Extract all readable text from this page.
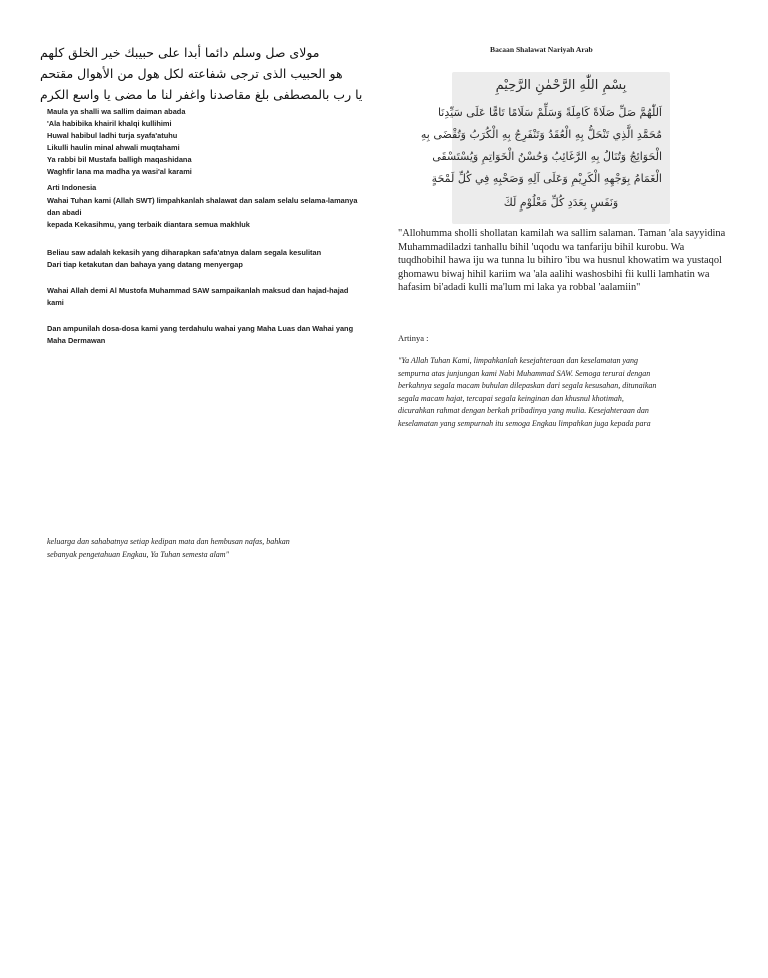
مولاى صل وسلم دائما أبدا على حبيبك خير الخلق كلهم
هو الحبيب الذى ترجى شفاعته لكل هول من الأهوال مقتحم
يا رب بالمصطفى بلغ مقاصدنا واغفر لنا ما مضى يا واسع الكرم
Maula ya shalli wa sallim daiman abada
'Ala habibika khairil khalqi kullihimi
Huwal habibul ladhi turja syafa'atuhu
Likulli haulin minal ahwali muqtahami
Ya rabbi bil Mustafa balligh maqashidana
Waghfir lana ma madha ya wasi'al karami
Arti Indonesia
Wahai Tuhan kami (Allah SWT) limpahkanlah shalawat dan salam selalu selama-lamanya
dan abadi
kepada Kekasihmu, yang terbaik diantara semua makhluk
Beliau saw adalah kekasih yang diharapkan safa'atnya dalam segala kesulitan
Dari tiap ketakutan dan bahaya yang datang menyergap
Wahai Allah demi Al Mustofa Muhammad SAW sampaikanlah maksud dan hajad-hajad
kami
Dan ampunilah dosa-dosa kami yang terdahulu wahai yang Maha Luas dan Wahai yang
Maha Dermawan
keluarga dan sahabatnya setiap kedipan mata dan hembusan nafas, bahkan
sebanyak pengetahuan Engkau, Ya Tuhan semesta alam"
Bacaan Shalawat Nariyah Arab
بِسْمِ اللّٰهِ الرَّحْمٰنِ الرَّحِيْمِ
اَللّٰهُمَّ صَلِّ صَلَاةً كَامِلَةً وَسَلِّمْ سَلَامًا تَامًّا عَلَى سَيِّدِنَا
مُحَمَّدِ الَّذِي تَنْحَلُّ بِهِ الْعُقَدُ وَتَنْفَرِجُ بِهِ الْكُرَبُ وَتُقْضَى بِهِ
الْحَوَائِجُ وَتُنَالُ بِهِ الرَّغَائِبُ وَحُسْنُ الْخَوَاتِمِ وَيُسْتَسْقَى
الْغَمَامُ بِوَجْهِهِ الْكَرِيْمِ وَعَلَى آلِهِ وَصَحْبِهِ فِي كُلِّ لَمْحَةٍ
وَنَفَسٍ بِعَدَدِ كُلِّ مَعْلُوْمٍ لَكَ
"Allohumma sholli shollatan kamilah wa sallim salaman. Taman 'ala sayyidina Muhammadiladzi tanhallu bihil 'uqodu wa tanfariju bihil kurobu. Wa tuqdhobihil hawa iju wa tunna lu bihiro 'ibu wa husnul khowatim wa yustaqol ghomawu biwaj hihil kariim wa 'ala aalihi washosbihi fii kulli lamhatin wa hafasim bi'adadi kulli ma'lum mi laka ya robbal 'aalamiin"
Artinya :
"Ya Allah Tuhan Kami, limpahkanlah kesejahteraan dan keselamatan yang
sempurna atas junjungan kami Nabi Muhammad SAW. Semoga terurai dengan
berkahnya segala macam buhulan dilepaskan dari segala kesusahan, ditunaikan
segala macam hajat, tercapai segala keinginan dan khusnul khotimah,
dicurahkan rahmat dengan berkah pribadinya yang mulia. Kesejahteraan dan
keselamatan yang sempurnah itu semoga Engkau limpahkan juga kepada para
